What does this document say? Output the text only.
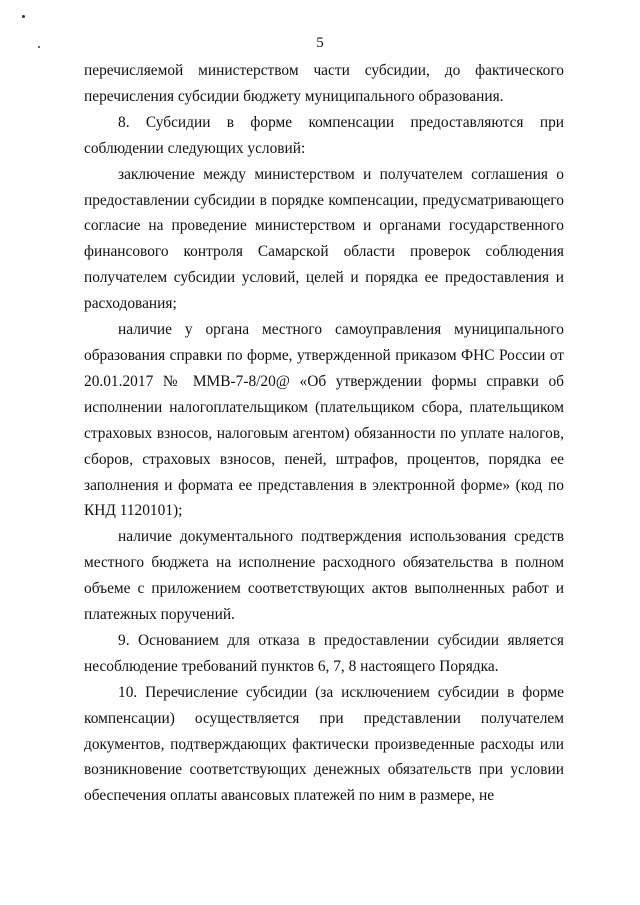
5

перечисляемой министерством части субсидии, до фактического перечисления субсидии бюджету муниципального образования.

8. Субсидии в форме компенсации предоставляются при соблюдении следующих условий:

заключение между министерством и получателем соглашения о предоставлении субсидии в порядке компенсации, предусматривающего согласие на проведение министерством и органами государственного финансового контроля Самарской области проверок соблюдения получателем субсидии условий, целей и порядка ее предоставления и расходования;

наличие у органа местного самоуправления муниципального образования справки по форме, утвержденной приказом ФНС России от 20.01.2017 № ММВ-7-8/20@ «Об утверждении формы справки об исполнении налогоплательщиком (плательщиком сбора, плательщиком страховых взносов, налоговым агентом) обязанности по уплате налогов, сборов, страховых взносов, пеней, штрафов, процентов, порядка ее заполнения и формата ее представления в электронной форме» (код по КНД 1120101);

наличие документального подтверждения использования средств местного бюджета на исполнение расходного обязательства в полном объеме с приложением соответствующих актов выполненных работ и платежных поручений.

9. Основанием для отказа в предоставлении субсидии является несоблюдение требований пунктов 6, 7, 8 настоящего Порядка.

10. Перечисление субсидии (за исключением субсидии в форме компенсации) осуществляется при представлении получателем документов, подтверждающих фактически произведенные расходы или возникновение соответствующих денежных обязательств при условии обеспечения оплаты авансовых платежей по ним в размере, не
